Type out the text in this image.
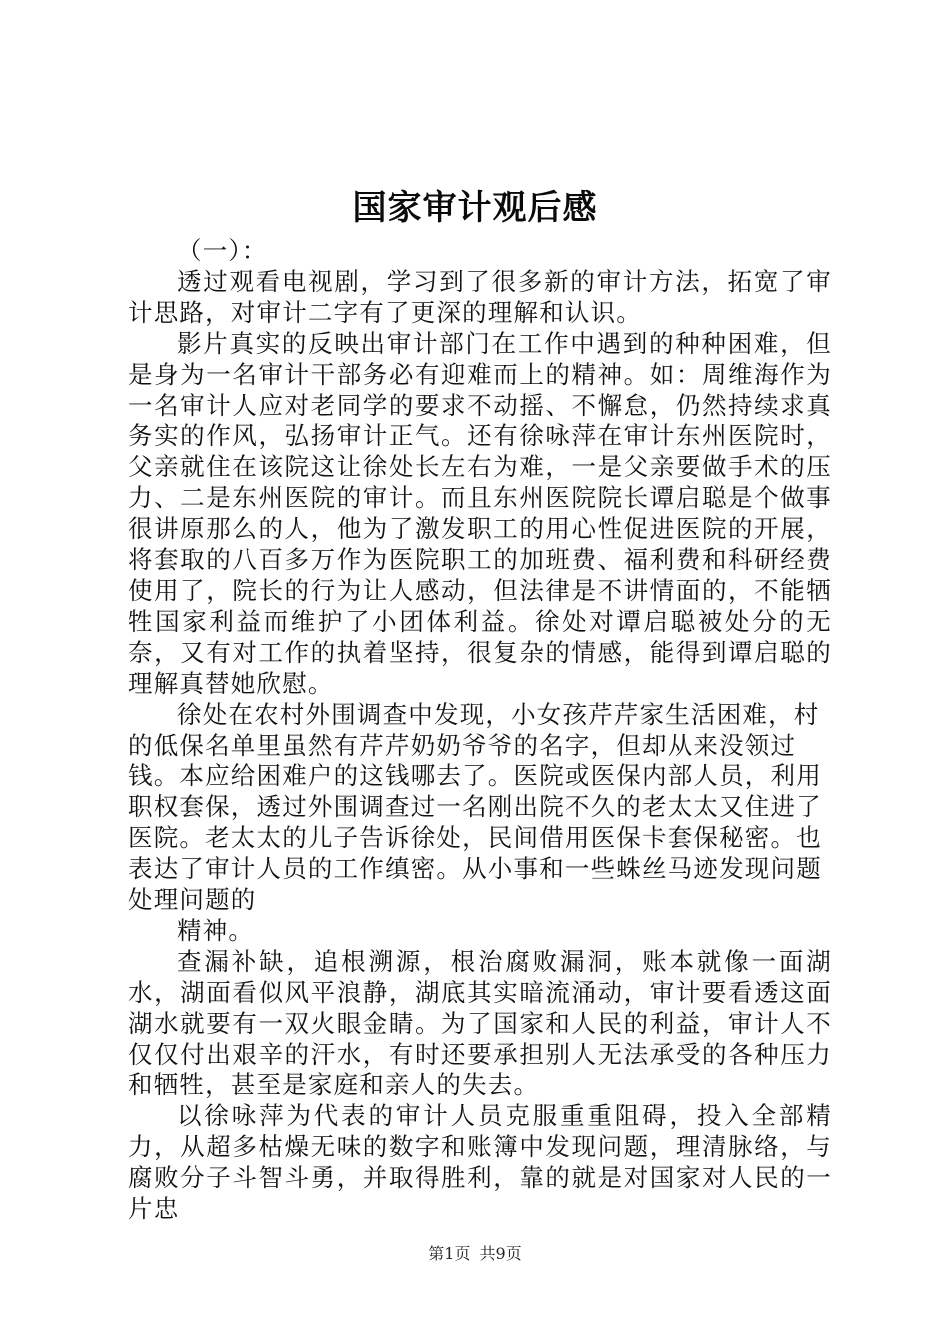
国家审计观后感

（一）：

透过观看电视剧，学习到了很多新的审计方法，拓宽了审计思路，对审计二字有了更深的理解和认识。

影片真实的反映出审计部门在工作中遇到的种种困难，但是身为一名审计干部务必有迎难而上的精神。如：周维海作为一名审计人应对老同学的要求不动摇、不懈怠，仍然持续求真务实的作风，弘扬审计正气。还有徐咏萍在审计东州医院时，父亲就住在该院这让徐处长左右为难，一是父亲要做手术的压力、二是东州医院的审计。而且东州医院院长谭启聪是个做事很讲原那么的人，他为了激发职工的用心性促进医院的开展，将套取的八百多万作为医院职工的加班费、福利费和科研经费使用了，院长的行为让人感动，但法律是不讲情面的，不能牺牲国家利益而维护了小团体利益。徐处对谭启聪被处分的无奈，又有对工作的执着坚持，很复杂的情感，能得到谭启聪的理解真替她欣慰。

徐处在农村外围调查中发现，小女孩芹芹家生活困难，村的低保名单里虽然有芹芹奶奶爷爷的名字，但却从来没领过钱。本应给困难户的这钱哪去了。医院或医保内部人员，利用职权套保，透过外围调查过一名刚出院不久的老太太又住进了医院。老太太的儿子告诉徐处，民间借用医保卡套保秘密。也表达了审计人员的工作缜密。从小事和一些蛛丝马迹发现问题处理问题的

精神。

查漏补缺，追根溯源，根治腐败漏洞，账本就像一面湖水，湖面看似风平浪静，湖底其实暗流涌动，审计要看透这面湖水就要有一双火眼金睛。为了国家和人民的利益，审计人不仅仅付出艰辛的汗水，有时还要承担别人无法承受的各种压力和牺牲，甚至是家庭和亲人的失去。

以徐咏萍为代表的审计人员克服重重阻碍，投入全部精力，从超多枯燥无味的数字和账簿中发现问题，理清脉络，与腐败分子斗智斗勇，并取得胜利，靠的就是对国家对人民的一片忠

第1页 共9页
